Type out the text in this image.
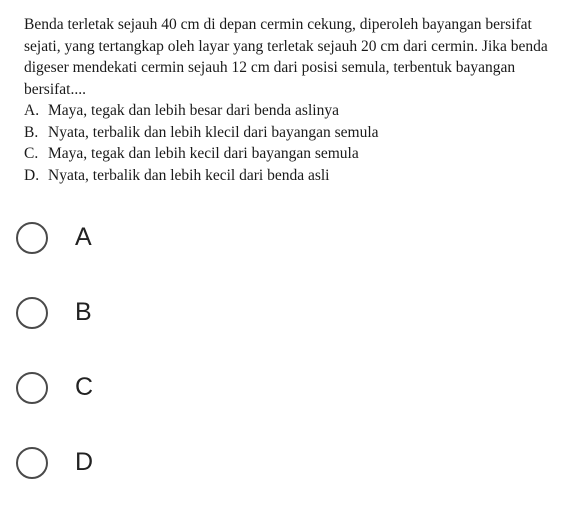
Benda terletak sejauh 40 cm di depan cermin cekung, diperoleh bayangan bersifat sejati, yang tertangkap oleh layar yang terletak sejauh 20 cm dari cermin. Jika benda digeser mendekati cermin sejauh 12 cm dari posisi semula, terbentuk bayangan bersifat....

A. Maya, tegak dan lebih besar dari benda aslinya
B. Nyata, terbalik dan lebih klecil dari bayangan semula
C. Maya, tegak dan lebih kecil dari bayangan semula
D. Nyata, terbalik dan lebih kecil dari benda asli
A
B
C
D
